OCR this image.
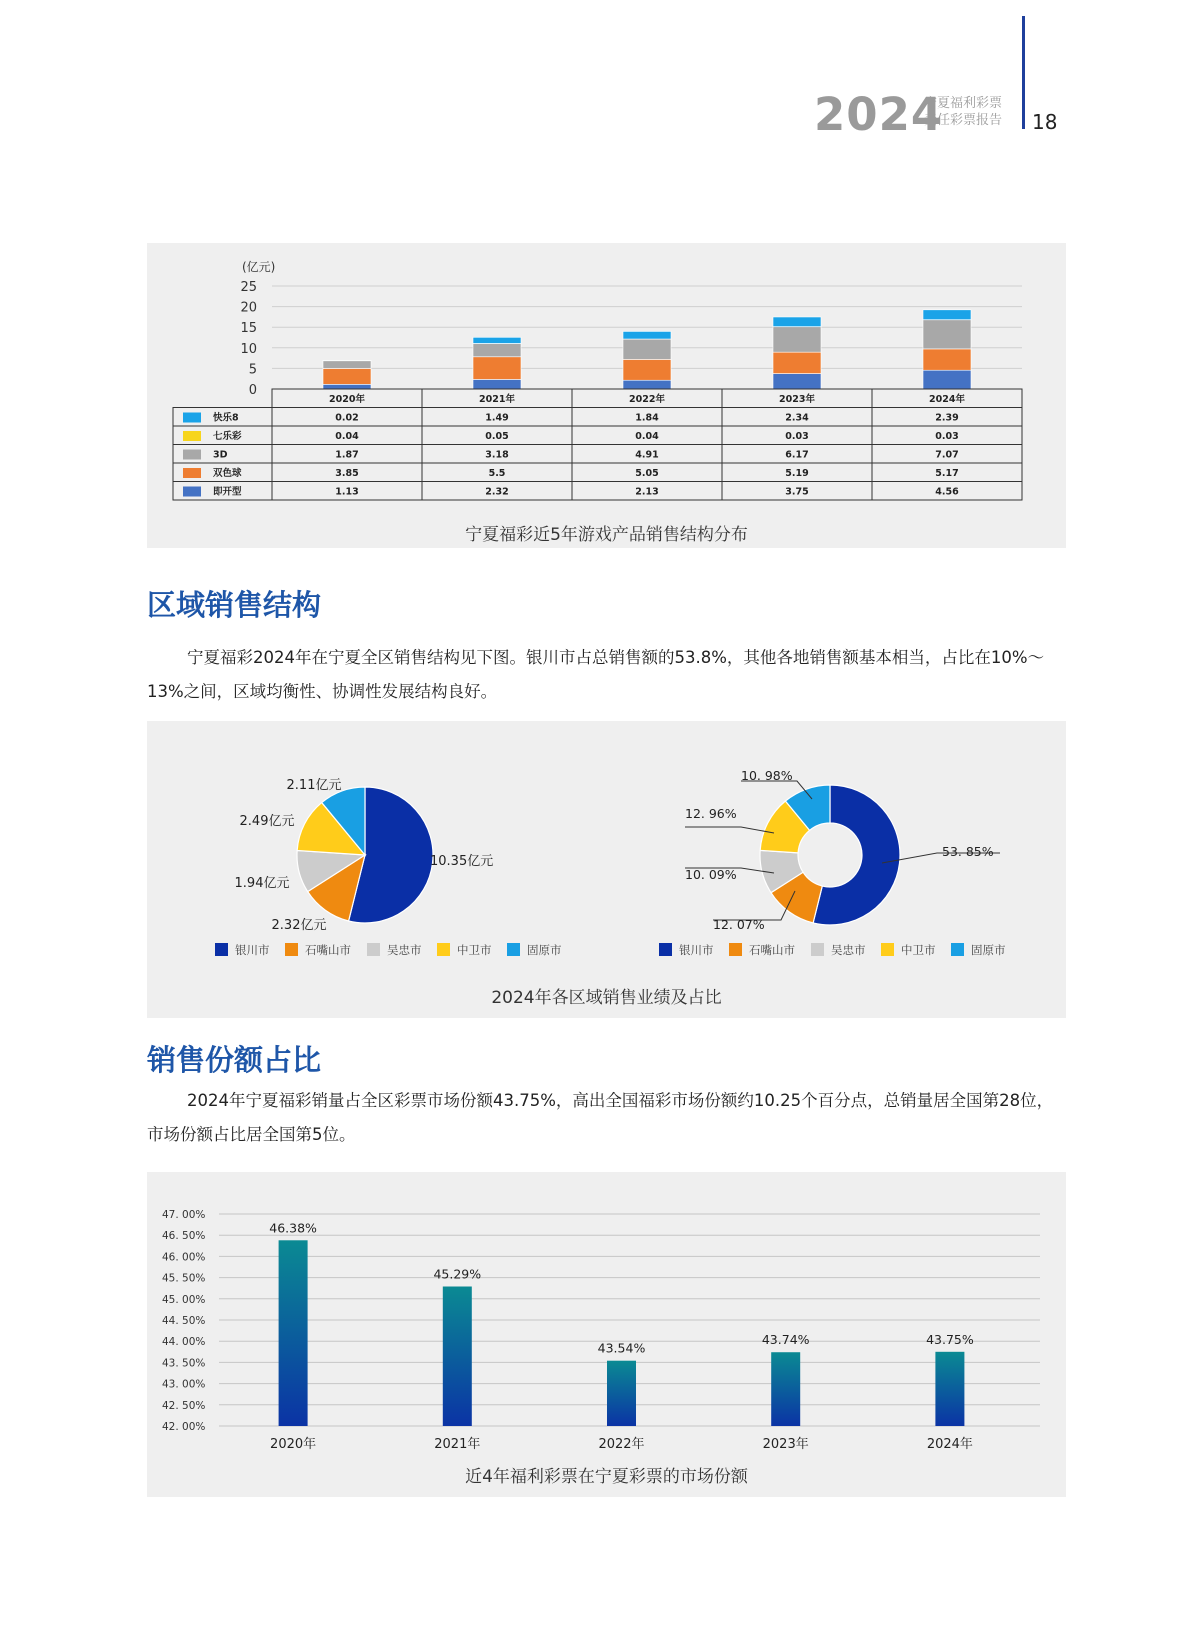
2024
宁夏福利彩票
责任彩票报告 18
(亿元)
0
5
10
15
20
25
2020年	2021年	2022年	2023年	2024年
快乐8	0.02	1.49	1.84	2.34	2.39
七乐彩	0.04	0.05	0.04	0.03	0.03
3D	1.87	3.18	4.91	6.17	7.07
双色球	3.85	5.5	5.05	5.19	5.17
即开型	1.13	2.32	2.13	3.75	4.56
宁夏福彩近5年游戏产品销售结构分布
区域销售结构
宁夏福彩2024年在宁夏全区销售结构见下图。银川市占总销售额的53.8%，其他各地销售额基本相当，占比在10%～13%之间，区域均衡性、协调性发展结构良好。
10.35亿元
2.32亿元
1.94亿元
2.49亿元
2.11亿元
银川市	石嘴山市	吴忠市	中卫市	固原市
53. 85%
12. 07%
10. 09%
12. 96%
10. 98%
银川市	石嘴山市	吴忠市	中卫市	固原市
2024年各区域销售业绩及占比
销售份额占比
2024年宁夏福彩销量占全区彩票市场份额43.75%，高出全国福彩市场份额约10.25个百分点，总销量居全国第28位，市场份额占比居全国第5位。
42. 00%
42. 50%
43. 00%
43. 50%
44. 00%
44. 50%
45. 00%
45. 50%
46. 00%
46. 50%
47. 00%
46.38%
2020年
45.29%
2021年
43.54%
2022年
43.74%
2023年
43.75%
2024年
近4年福利彩票在宁夏彩票的市场份额
